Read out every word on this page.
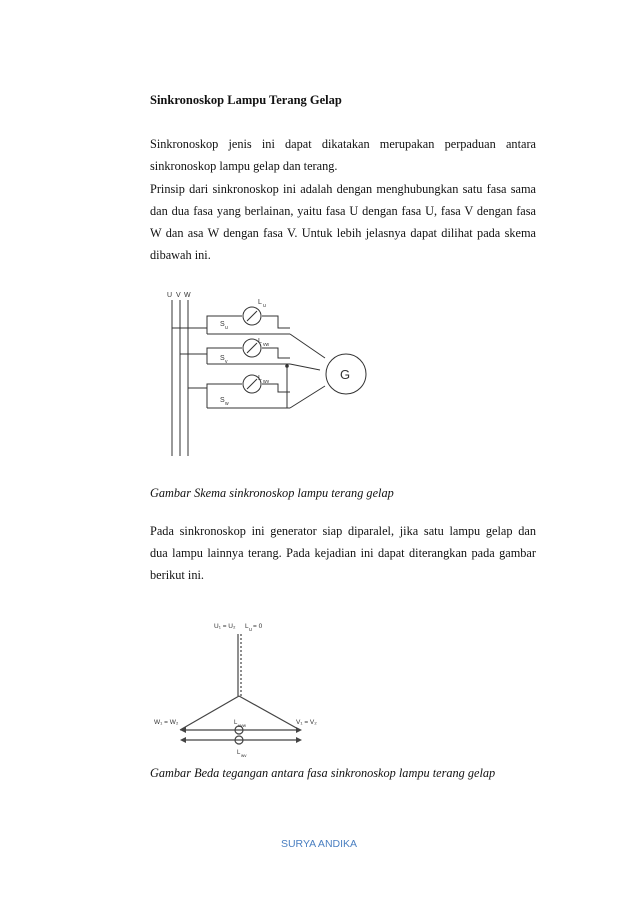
Sinkronoskop Lampu Terang Gelap
Sinkronoskop jenis ini dapat dikatakan merupakan perpaduan antara
sinkronoskop lampu gelap dan terang.
Prinsip dari sinkronoskop ini adalah dengan menghubungkan satu fasa sama
dan dua fasa yang berlainan, yaitu fasa U dengan fasa U, fasa V dengan fasa
W dan asa W dengan fasa V. Untuk lebih jelasnya dapat dilihat pada skema
dibawah ini.
U V W
G
S u
S v
S w
L u
L vw
L wv
Gambar Skema sinkronoskop lampu terang gelap
Pada sinkronoskop ini generator siap diparalel, jika satu lampu gelap dan
dua lampu lainnya terang. Pada kejadian ini dapat diterangkan pada gambar
berikut ini.
U₁ = U₂ L u = 0
W₁ = W₂	V₁ = V₂
L uvw
L wv
Gambar Beda tegangan antara fasa sinkronoskop lampu terang gelap
SURYA ANDIKA
